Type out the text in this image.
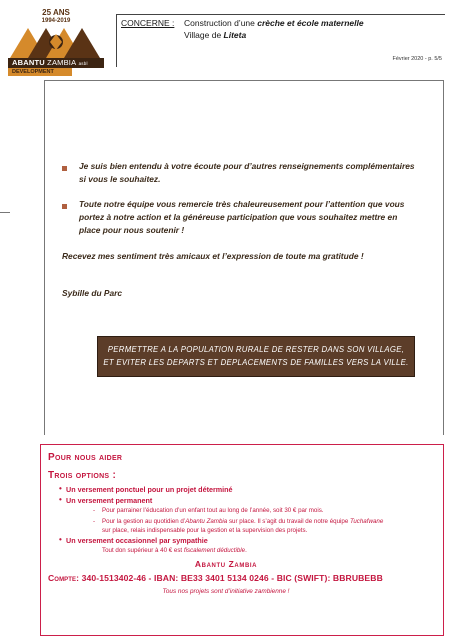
25 ANS
1994-2019
ABANTU ZAMBIA asbl
DEVELOPMENT
CONCERNE : Construction d’une crèche et école maternelle
Village de Liteta
Février 2020 - p. 5/5
Je suis bien entendu à votre écoute pour d’autres renseignements complémentaires si vous le souhaitez.
Toute notre équipe vous remercie très chaleureusement pour l’attention que vous portez à notre action et la généreuse participation que vous souhaitez mettre en place pour nous soutenir !
Recevez mes sentiment très amicaux et l’expression de toute ma gratitude !
Sybille du Parc
PERMETTRE A LA POPULATION RURALE DE RESTER DANS SON VILLAGE,
ET EVITER LES DEPARTS ET DEPLACEMENTS DE FAMILLES VERS LA VILLE.
Pour nous aider
Trois options :
• Un versement ponctuel pour un projet déterminé
• Un versement permanent
- Pour parrainer l’éducation d’un enfant tout au long de l’année, soit 30 € par mois.
- Pour la gestion au quotidien d’Abantu Zambia sur place. Il s’agit du travail de notre équipe Tuchafwane
sur place, relais indispensable pour la gestion et la supervision des projets.
• Un versement occasionnel par sympathie
Tout don supérieur à 40 € est fiscalement déductible.
Abantu Zambia
Compte: 340-1513402-46 - IBAN: BE33 3401 5134 0246 - BIC (SWIFT): BBRUBEBB
Tous nos projets sont d’initiative zambienne !
